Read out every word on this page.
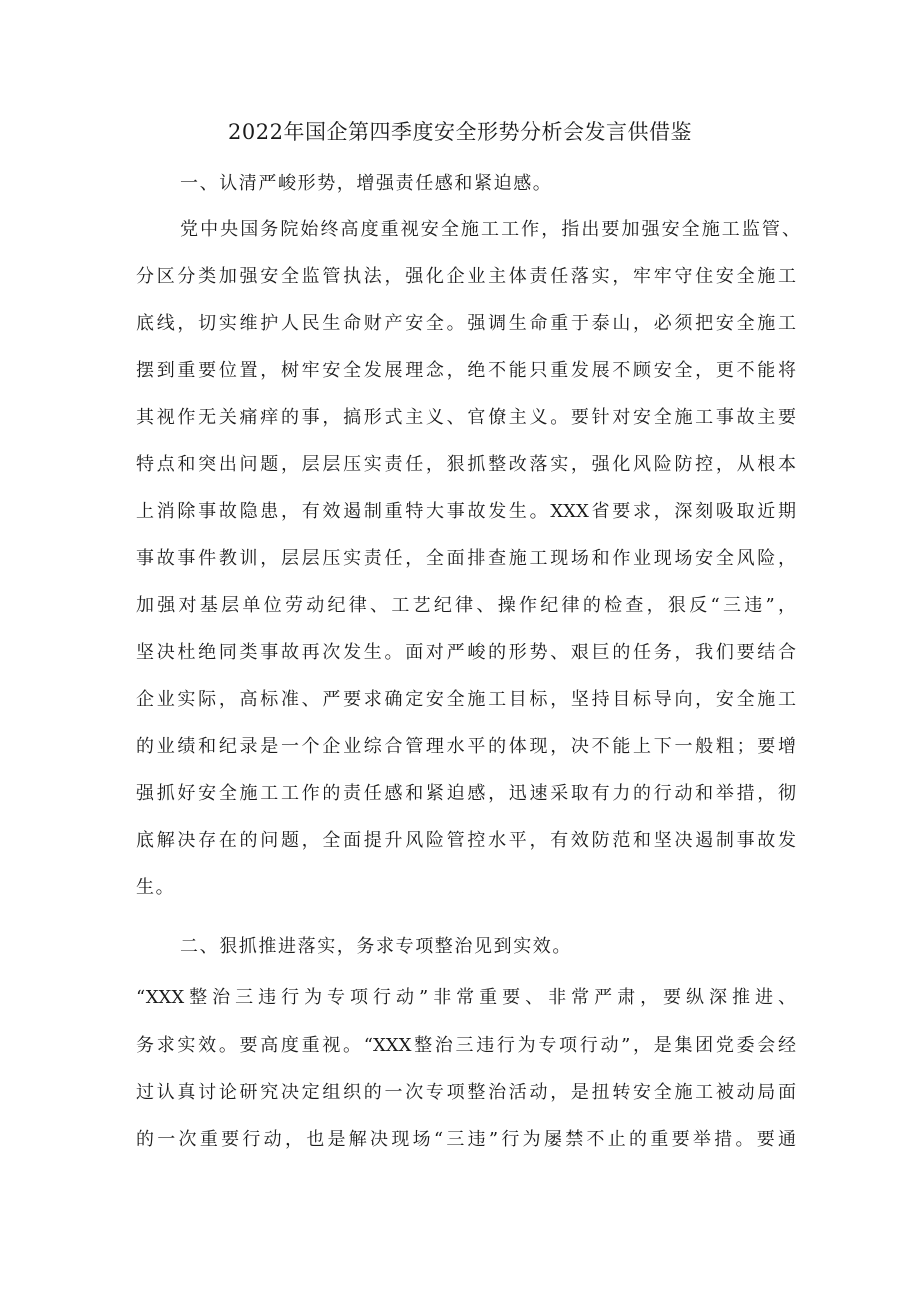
2022年国企第四季度安全形势分析会发言供借鉴
一、认清严峻形势，增强责任感和紧迫感。
党中央国务院始终高度重视安全施工工作，指出要加强安全施工监管、
分区分类加强安全监管执法，强化企业主体责任落实，牢牢守住安全施工
底线，切实维护人民生命财产安全。强调生命重于泰山，必须把安全施工
摆到重要位置，树牢安全发展理念，绝不能只重发展不顾安全，更不能将
其视作无关痛痒的事，搞形式主义、官僚主义。要针对安全施工事故主要
特点和突出问题，层层压实责任，狠抓整改落实，强化风险防控，从根本
上消除事故隐患，有效遏制重特大事故发生。XXX省要求，深刻吸取近期
事故事件教训，层层压实责任，全面排查施工现场和作业现场安全风险，
加强对基层单位劳动纪律、工艺纪律、操作纪律的检查，狠反“三违”，
坚决杜绝同类事故再次发生。面对严峻的形势、艰巨的任务，我们要结合
企业实际，高标准、严要求确定安全施工目标，坚持目标导向，安全施工
的业绩和纪录是一个企业综合管理水平的体现，决不能上下一般粗；要增
强抓好安全施工工作的责任感和紧迫感，迅速采取有力的行动和举措，彻
底解决存在的问题，全面提升风险管控水平，有效防范和坚决遏制事故发
生。
二、狠抓推进落实，务求专项整治见到实效。
“XXX整治三违行为专项行动”非常重要、非常严肃，要纵深推进、
务求实效。要高度重视。“XXX整治三违行为专项行动”，是集团党委会经
过认真讨论研究决定组织的一次专项整治活动，是扭转安全施工被动局面
的一次重要行动，也是解决现场“三违”行为屡禁不止的重要举措。要通
